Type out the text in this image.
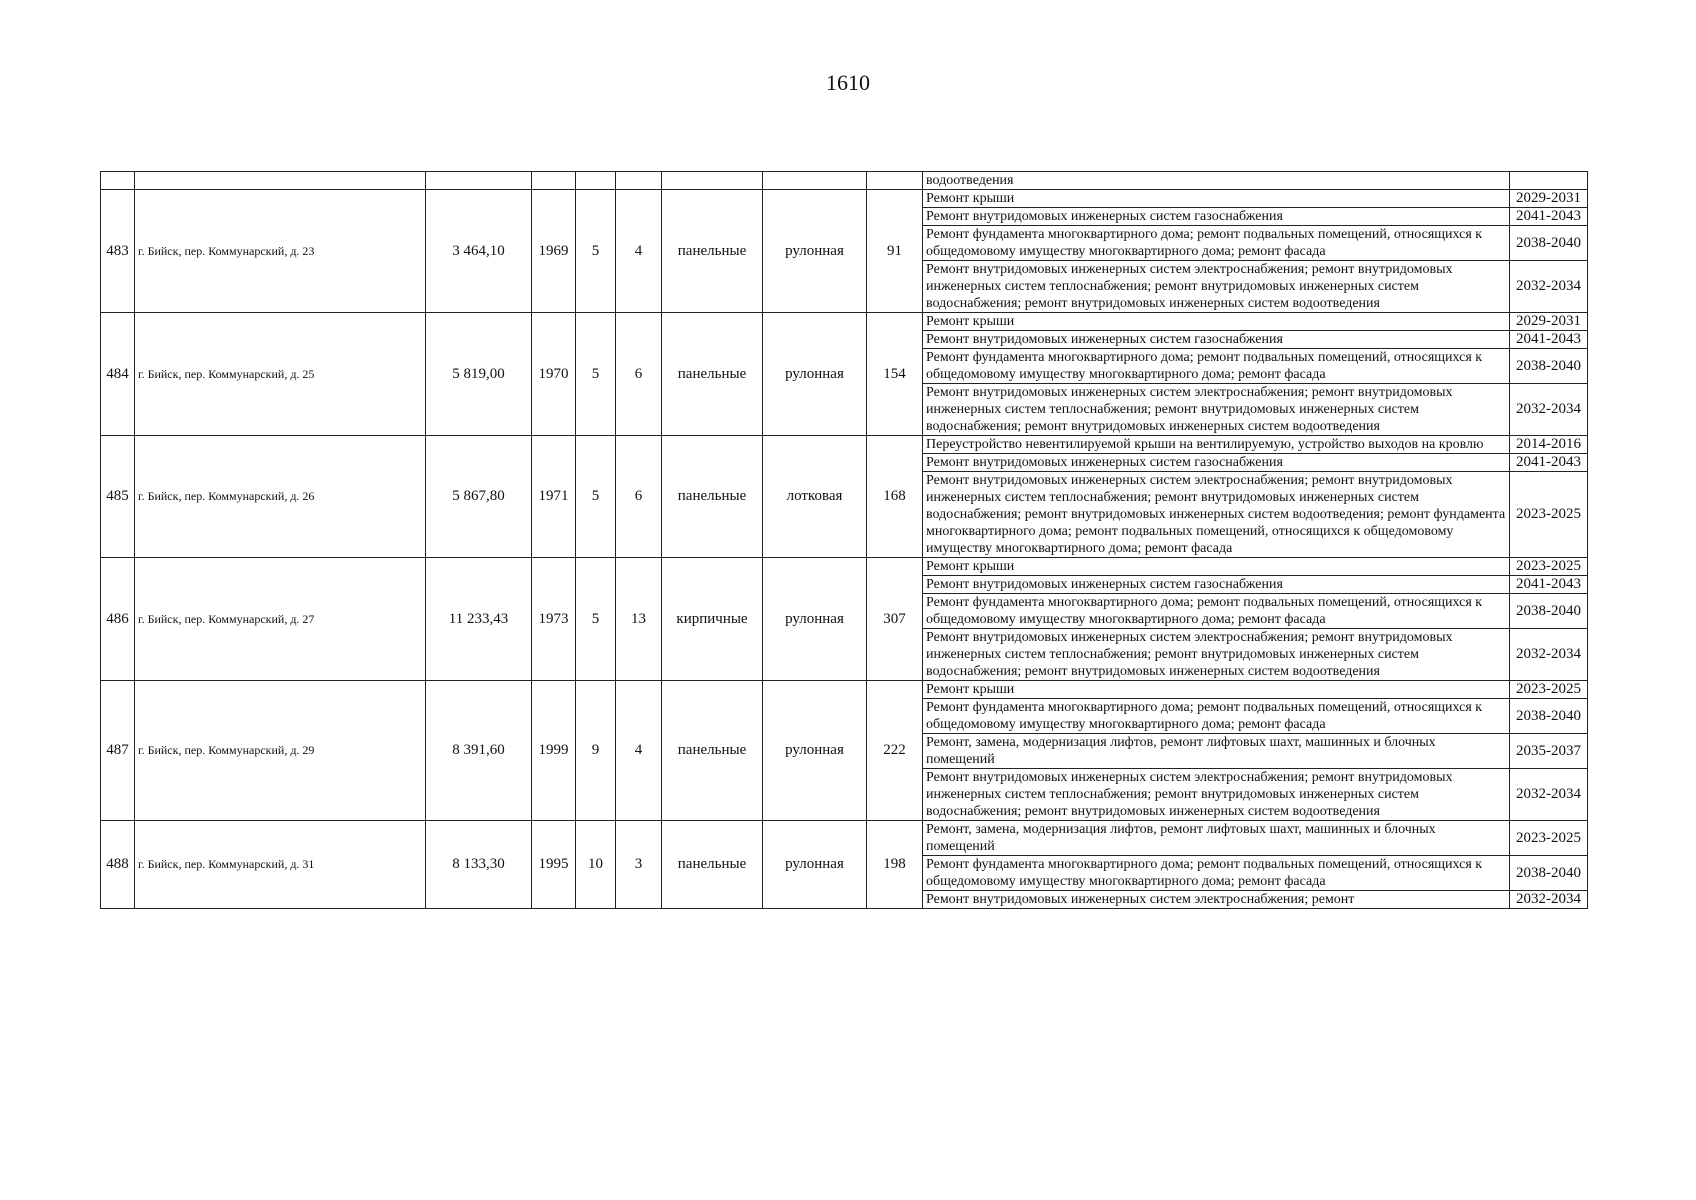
1610
									водоотведения	
483	г. Бийск, пер. Коммунарский, д. 23	3 464,10	1969	5	4	панельные	рулонная	91	Ремонт крыши	2029-2031
									Ремонт внутридомовых инженерных систем газоснабжения	2041-2043
									Ремонт фундамента многоквартирного дома; ремонт подвальных помещений, относящихся к общедомовому имуществу многоквартирного дома; ремонт фасада	2038-2040
									Ремонт внутридомовых инженерных систем электроснабжения; ремонт внутридомовых инженерных систем теплоснабжения; ремонт внутридомовых инженерных систем водоснабжения; ремонт внутридомовых инженерных систем водоотведения	2032-2034
484	г. Бийск, пер. Коммунарский, д. 25	5 819,00	1970	5	6	панельные	рулонная	154	Ремонт крыши	2029-2031
									Ремонт внутридомовых инженерных систем газоснабжения	2041-2043
									Ремонт фундамента многоквартирного дома; ремонт подвальных помещений, относящихся к общедомовому имуществу многоквартирного дома; ремонт фасада	2038-2040
									Ремонт внутридомовых инженерных систем электроснабжения; ремонт внутридомовых инженерных систем теплоснабжения; ремонт внутридомовых инженерных систем водоснабжения; ремонт внутридомовых инженерных систем водоотведения	2032-2034
485	г. Бийск, пер. Коммунарский, д. 26	5 867,80	1971	5	6	панельные	лотковая	168	Переустройство невентилируемой крыши на вентилируемую, устройство выходов на кровлю	2014-2016
									Ремонт внутридомовых инженерных систем газоснабжения	2041-2043
									Ремонт внутридомовых инженерных систем электроснабжения; ремонт внутридомовых инженерных систем теплоснабжения; ремонт внутридомовых инженерных систем водоснабжения; ремонт внутридомовых инженерных систем водоотведения; ремонт фундамента многоквартирного дома; ремонт подвальных помещений, относящихся к общедомовому имуществу многоквартирного дома; ремонт фасада	2023-2025
486	г. Бийск, пер. Коммунарский, д. 27	11 233,43	1973	5	13	кирпичные	рулонная	307	Ремонт крыши	2023-2025
									Ремонт внутридомовых инженерных систем газоснабжения	2041-2043
									Ремонт фундамента многоквартирного дома; ремонт подвальных помещений, относящихся к общедомовому имуществу многоквартирного дома; ремонт фасада	2038-2040
									Ремонт внутридомовых инженерных систем электроснабжения; ремонт внутридомовых инженерных систем теплоснабжения; ремонт внутридомовых инженерных систем водоснабжения; ремонт внутридомовых инженерных систем водоотведения	2032-2034
487	г. Бийск, пер. Коммунарский, д. 29	8 391,60	1999	9	4	панельные	рулонная	222	Ремонт крыши	2023-2025
									Ремонт фундамента многоквартирного дома; ремонт подвальных помещений, относящихся к общедомовому имуществу многоквартирного дома; ремонт фасада	2038-2040
									Ремонт, замена, модернизация лифтов, ремонт лифтовых шахт, машинных и блочных помещений	2035-2037
									Ремонт внутридомовых инженерных систем электроснабжения; ремонт внутридомовых инженерных систем теплоснабжения; ремонт внутридомовых инженерных систем водоснабжения; ремонт внутридомовых инженерных систем водоотведения	2032-2034
488	г. Бийск, пер. Коммунарский, д. 31	8 133,30	1995	10	3	панельные	рулонная	198	Ремонт, замена, модернизация лифтов, ремонт лифтовых шахт, машинных и блочных помещений	2023-2025
									Ремонт фундамента многоквартирного дома; ремонт подвальных помещений, относящихся к общедомовому имуществу многоквартирного дома; ремонт фасада	2038-2040
									Ремонт внутридомовых инженерных систем электроснабжения; ремонт	2032-2034
